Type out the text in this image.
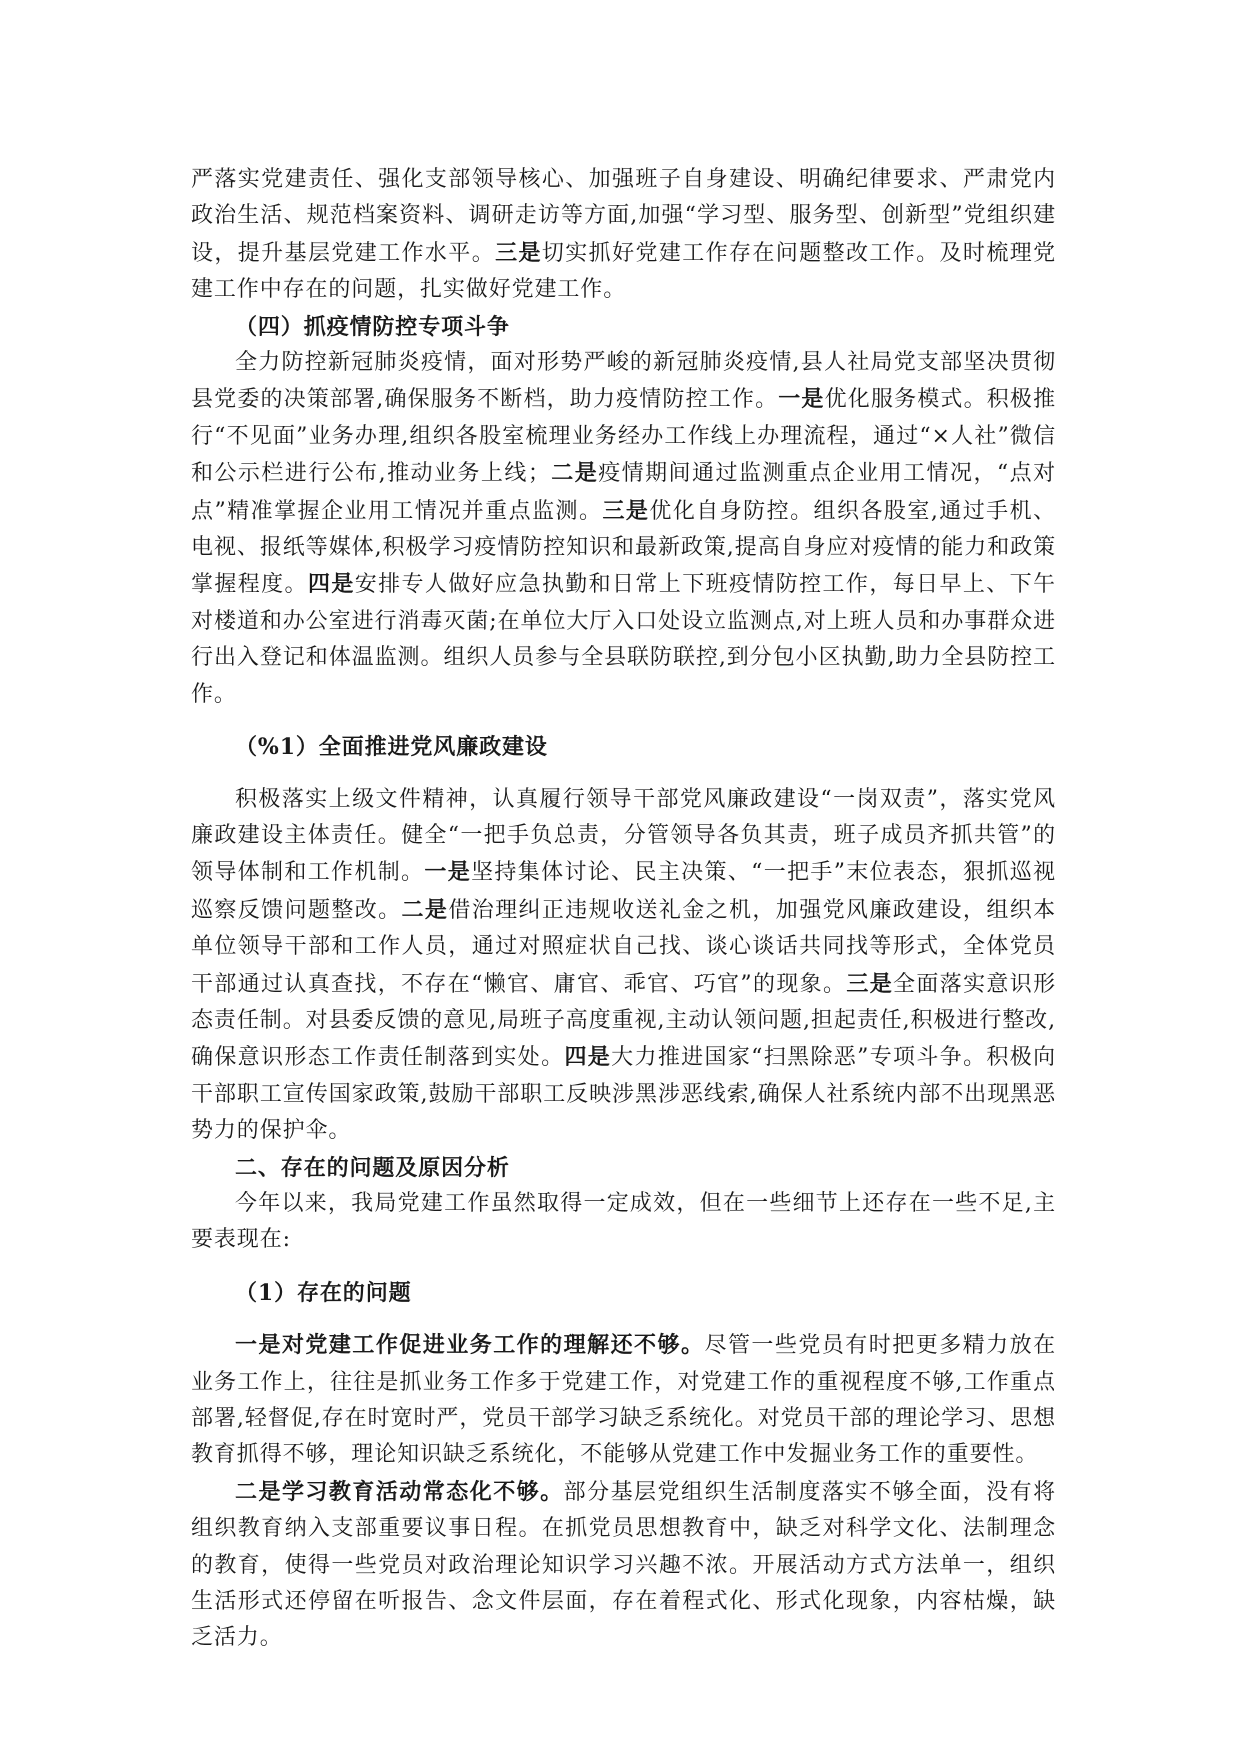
严落实党建责任、强化支部领导核心、加强班子自身建设、明确纪律要求、严肃党内政治生活、规范档案资料、调研走访等方面,加强“学习型、服务型、创新型”党组织建设，提升基层党建工作水平。三是切实抓好党建工作存在问题整改工作。及时梳理党建工作中存在的问题，扎实做好党建工作。

（四）抓疫情防控专项斗争

全力防控新冠肺炎疫情，面对形势严峻的新冠肺炎疫情,县人社局党支部坚决贯彻县党委的决策部署,确保服务不断档，助力疫情防控工作。一是优化服务模式。积极推行“不见面”业务办理,组织各股室梳理业务经办工作线上办理流程，通过“×人社”微信和公示栏进行公布,推动业务上线；二是疫情期间通过监测重点企业用工情况，“点对点”精准掌握企业用工情况并重点监测。三是优化自身防控。组织各股室,通过手机、电视、报纸等媒体,积极学习疫情防控知识和最新政策,提高自身应对疫情的能力和政策掌握程度。四是安排专人做好应急执勤和日常上下班疫情防控工作，每日早上、下午对楼道和办公室进行消毒灭菌;在单位大厅入口处设立监测点,对上班人员和办事群众进行出入登记和体温监测。组织人员参与全县联防联控,到分包小区执勤,助力全县防控工作。

（%1）全面推进党风廉政建设

积极落实上级文件精神，认真履行领导干部党风廉政建设“一岗双责”，落实党风廉政建设主体责任。健全“一把手负总责，分管领导各负其责，班子成员齐抓共管”的领导体制和工作机制。一是坚持集体讨论、民主决策、“一把手”末位表态，狠抓巡视巡察反馈问题整改。二是借治理纠正违规收送礼金之机，加强党风廉政建设，组织本单位领导干部和工作人员，通过对照症状自己找、谈心谈话共同找等形式，全体党员干部通过认真查找，不存在“懒官、庸官、乖官、巧官”的现象。三是全面落实意识形态责任制。对县委反馈的意见,局班子高度重视,主动认领问题,担起责任,积极进行整改,确保意识形态工作责任制落到实处。四是大力推进国家“扫黑除恶”专项斗争。积极向干部职工宣传国家政策,鼓励干部职工反映涉黑涉恶线索,确保人社系统内部不出现黑恶势力的保护伞。

二、存在的问题及原因分析

今年以来，我局党建工作虽然取得一定成效，但在一些细节上还存在一些不足,主要表现在:

（1）存在的问题

一是对党建工作促进业务工作的理解还不够。尽管一些党员有时把更多精力放在业务工作上，往往是抓业务工作多于党建工作，对党建工作的重视程度不够,工作重点部署,轻督促,存在时宽时严，党员干部学习缺乏系统化。对党员干部的理论学习、思想教育抓得不够，理论知识缺乏系统化，不能够从党建工作中发掘业务工作的重要性。

二是学习教育活动常态化不够。部分基层党组织生活制度落实不够全面，没有将组织教育纳入支部重要议事日程。在抓党员思想教育中，缺乏对科学文化、法制理念的教育，使得一些党员对政治理论知识学习兴趣不浓。开展活动方式方法单一，组织生活形式还停留在听报告、念文件层面，存在着程式化、形式化现象，内容枯燥，缺乏活力。
